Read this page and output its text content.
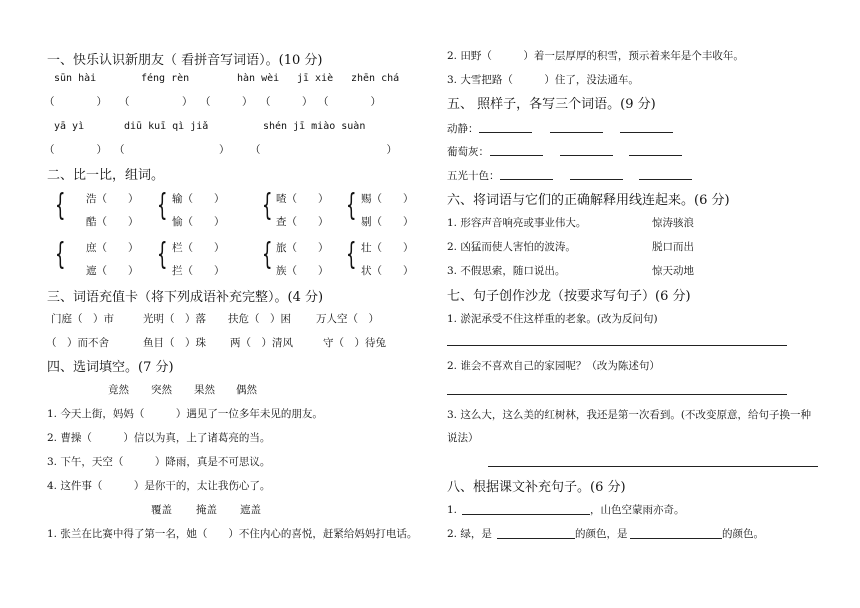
一、快乐认识新朋友（ 看拼音写词语）。(10 分)
sūn hài	féng rèn	hàn wèi jī xiè zhēn chá
（　　　　） （　　　　　） （　　　） （　　　） （　　　　）
yā yì	diū kuī qì jiǎ	shén jī miào suàn
（　　　　） （　　　　　　　　　） （　　　　　　　　　　　　）
二、比一比，组词。
{	{	{ {
浩（　　）
酷（　　）
输（　　）
愉（　　）
喳（　　）
查（　　）
赐（　　）
剔（　　）
{	{	{ {
庶（　　）
遮（　　）
栏（　　）
拦（　　）
旅（　　）
族（　　）
壮（　　）
状（　　）
三、词语充值卡（将下列成语补充完整）。(4 分)
门庭（　）市	光明（　）落 扶危（　）困 万人空（　）
（　）而不舍	鱼目（　）珠 两（　）清风	守（　）待兔
四、选词填空。(7 分)
竟然 突然 果然 偶然
1. 今天上街，妈妈（　　　）遇见了一位多年未见的朋友。
2. 曹操（　　　）信以为真，上了诸葛亮的当。
3. 下午，天空（　　　）降雨，真是不可思议。
4. 这件事（　　　）是你干的，太让我伤心了。
覆盖 掩盖 遮盖
1. 张兰在比赛中得了第一名，她（　　）不住内心的喜悦，赶紧给妈妈打电话。
2. 田野（　　　）着一层厚厚的积雪，预示着来年是个丰收年。
3. 大雪把路（　　　）住了，没法通车。
五、 照样子，各写三个词语。(9 分)
动静：
葡萄灰：
五光十色：
六、将词语与它们的正确解释用线连起来。(6 分)
1. 形容声音响亮或事业伟大。
2. 凶猛而使人害怕的波涛。
3. 不假思索，随口说出。
惊涛骇浪
脱口而出
惊天动地
七、句子创作沙龙（按要求写句子）(6 分)
1. 淤泥承受不住这样重的老象。(改为反问句)
2. 谁会不喜欢自己的家园呢？（改为陈述句）
3. 这么大，这么美的红树林，我还是第一次看到。(不改变原意，给句子换一种
说法）
八、根据课文补充句子。(6 分)
1.	，山色空蒙雨亦奇。
2. 绿，是	的颜色，是	的颜色。
